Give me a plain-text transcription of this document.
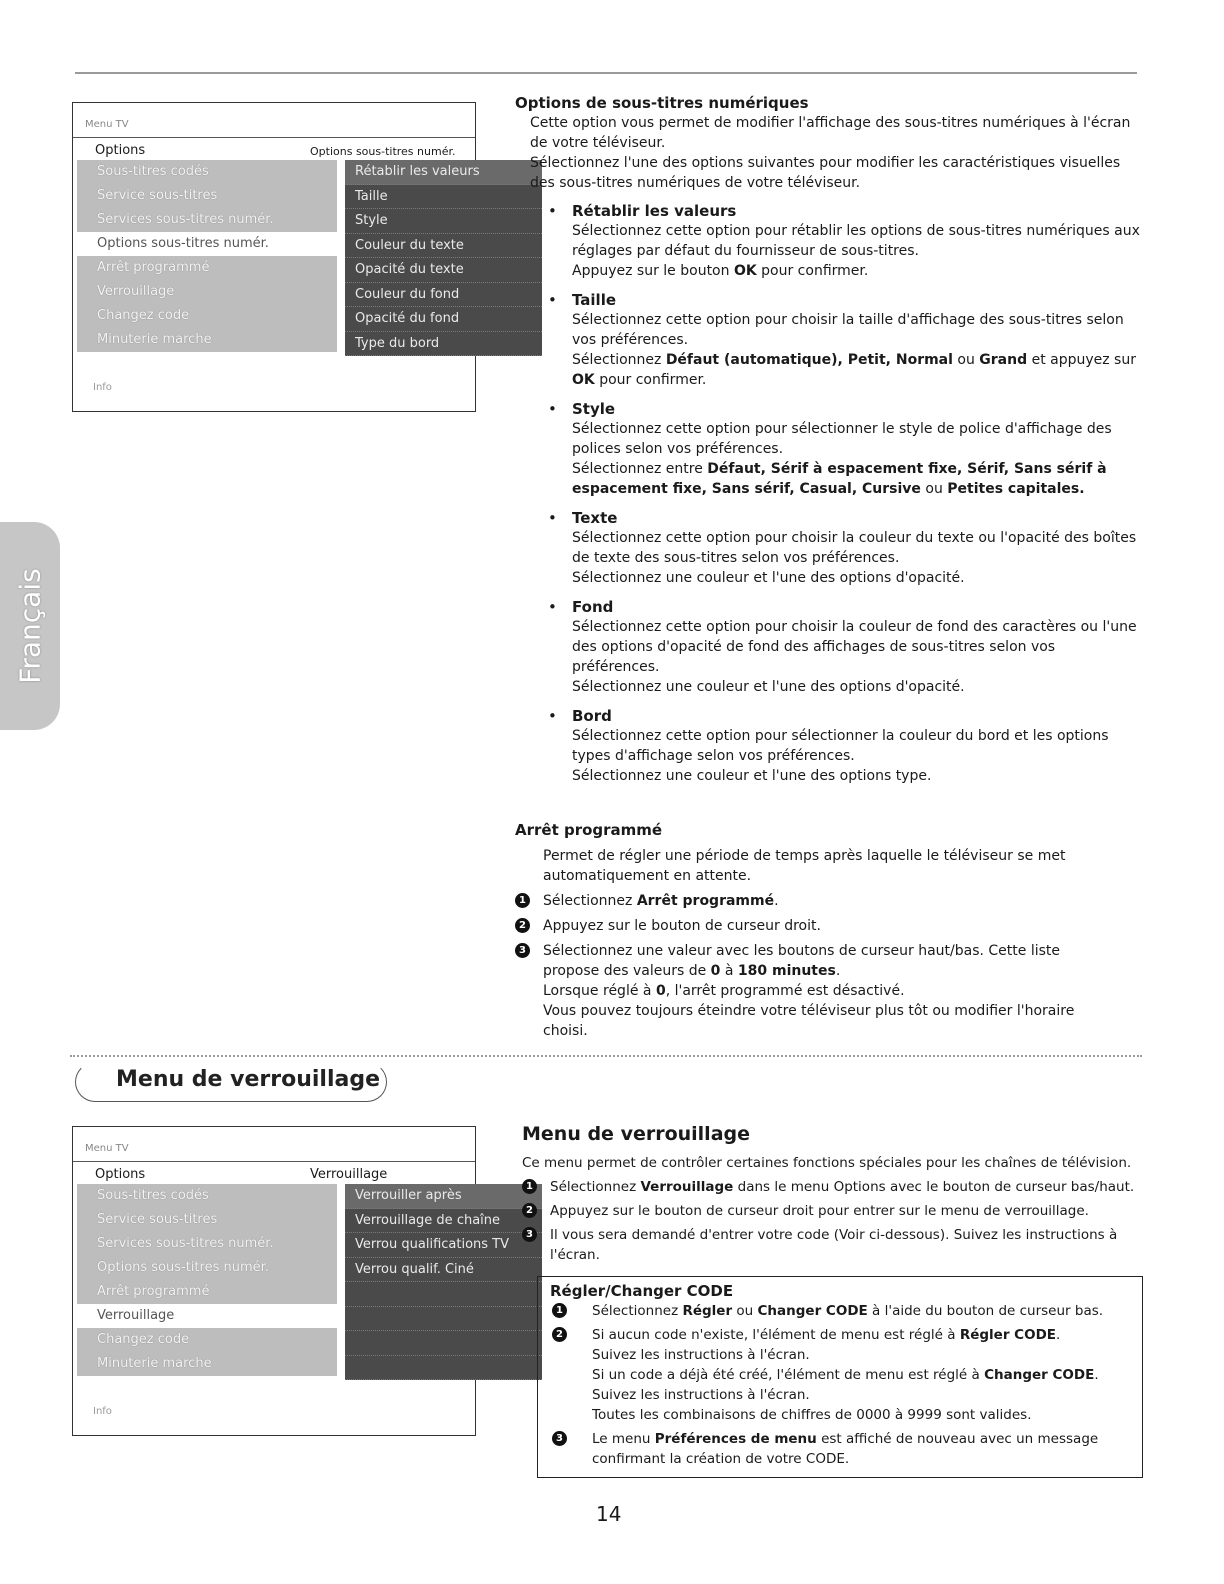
Menu TV
Options	Options sous-titres numér.
Sous-titres codés
Service sous-titres
Services sous-titres numér.
Options sous-titres numér.
Arrêt programmé
Verrouillage
Changez code
Minuterie marche
Rétablir les valeurs
Taille
Style
Couleur du texte
Opacité du texte
Couleur du fond
Opacité du fond
Type du bord
Info
Français
Options de sous-titres numériques

Cette option vous permet de modifier l'affichage des sous-titres numériques à l'écran de votre téléviseur.

Sélectionnez l'une des options suivantes pour modifier les caractéristiques visuelles des sous-titres numériques de votre téléviseur.

• Rétablir les valeurs

Sélectionnez cette option pour rétablir les options de sous-titres numériques aux réglages par défaut du fournisseur de sous-titres.

Appuyez sur le bouton OK pour confirmer.

• Taille

Sélectionnez cette option pour choisir la taille d'affichage des sous-titres selon vos préférences.

Sélectionnez Défaut (automatique), Petit, Normal ou Grand et appuyez sur OK pour confirmer.

• Style

Sélectionnez cette option pour sélectionner le style de police d'affichage des polices selon vos préférences.

Sélectionnez entre Défaut, Sérif à espacement fixe, Sérif, Sans sérif à espacement fixe, Sans sérif, Casual, Cursive ou Petites capitales.

• Texte

Sélectionnez cette option pour choisir la couleur du texte ou l'opacité des boîtes de texte des sous-titres selon vos préférences.

Sélectionnez une couleur et l'une des options d'opacité.

• Fond

Sélectionnez cette option pour choisir la couleur de fond des caractères ou l'une des options d'opacité de fond des affichages de sous-titres selon vos préférences.

Sélectionnez une couleur et l'une des options d'opacité.

• Bord

Sélectionnez cette option pour sélectionner la couleur du bord et les options types d'affichage selon vos préférences.

Sélectionnez une couleur et l'une des options type.

Arrêt programmé

Permet de régler une période de temps après laquelle le téléviseur se met automatiquement en attente.

1 Sélectionnez Arrêt programmé.
2 Appuyez sur le bouton de curseur droit.
3 Sélectionnez une valeur avec les boutons de curseur haut/bas. Cette liste propose des valeurs de 0 à 180 minutes.

Lorsque réglé à 0, l'arrêt programmé est désactivé.

Vous pouvez toujours éteindre votre téléviseur plus tôt ou modifier l'horaire choisi.

Menu de verrouillage
Menu TV
Options	Verrouillage
Sous-titres codés
Service sous-titres
Services sous-titres numér.
Options sous-titres numér.
Arrêt programmé
Verrouillage
Changez code
Minuterie marche
Verrouiller après
Verrouillage de chaîne
Verrou qualifications TV
Verrou qualif. Ciné
Info
Menu de verrouillage

Ce menu permet de contrôler certaines fonctions spéciales pour les chaînes de télévision.

1 Sélectionnez Verrouillage dans le menu Options avec le bouton de curseur bas/haut.
2 Appuyez sur le bouton de curseur droit pour entrer sur le menu de verrouillage.
3 Il vous sera demandé d'entrer votre code (Voir ci-dessous). Suivez les instructions à l'écran.
Régler/Changer CODE
1 Sélectionnez Régler ou Changer CODE à l'aide du bouton de curseur bas.
2 Si aucun code n'existe, l'élément de menu est réglé à Régler CODE.

Suivez les instructions à l'écran.

Si un code a déjà été créé, l'élément de menu est réglé à Changer CODE. Suivez les instructions à l'écran.

Toutes les combinaisons de chiffres de 0000 à 9999 sont valides.

3 Le menu Préférences de menu est affiché de nouveau avec un message confirmant la création de votre CODE.
14
